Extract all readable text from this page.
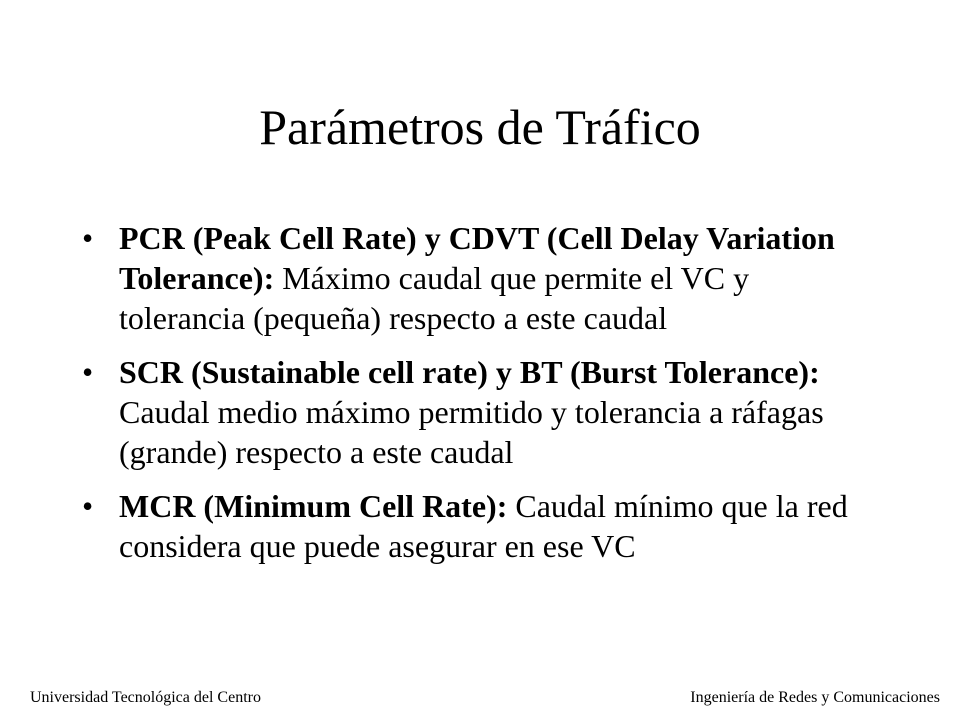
Parámetros de Tráfico
• PCR (Peak Cell Rate) y CDVT (Cell Delay Variation Tolerance): Máximo caudal que permite el VC y tolerancia (pequeña) respecto a este caudal
• SCR (Sustainable cell rate) y BT (Burst Tolerance): Caudal medio máximo permitido y tolerancia a ráfagas (grande) respecto a este caudal
• MCR (Minimum Cell Rate): Caudal mínimo que la red considera que puede asegurar en ese VC
Universidad Tecnológica del Centro	Ingeniería de Redes y Comunicaciones
